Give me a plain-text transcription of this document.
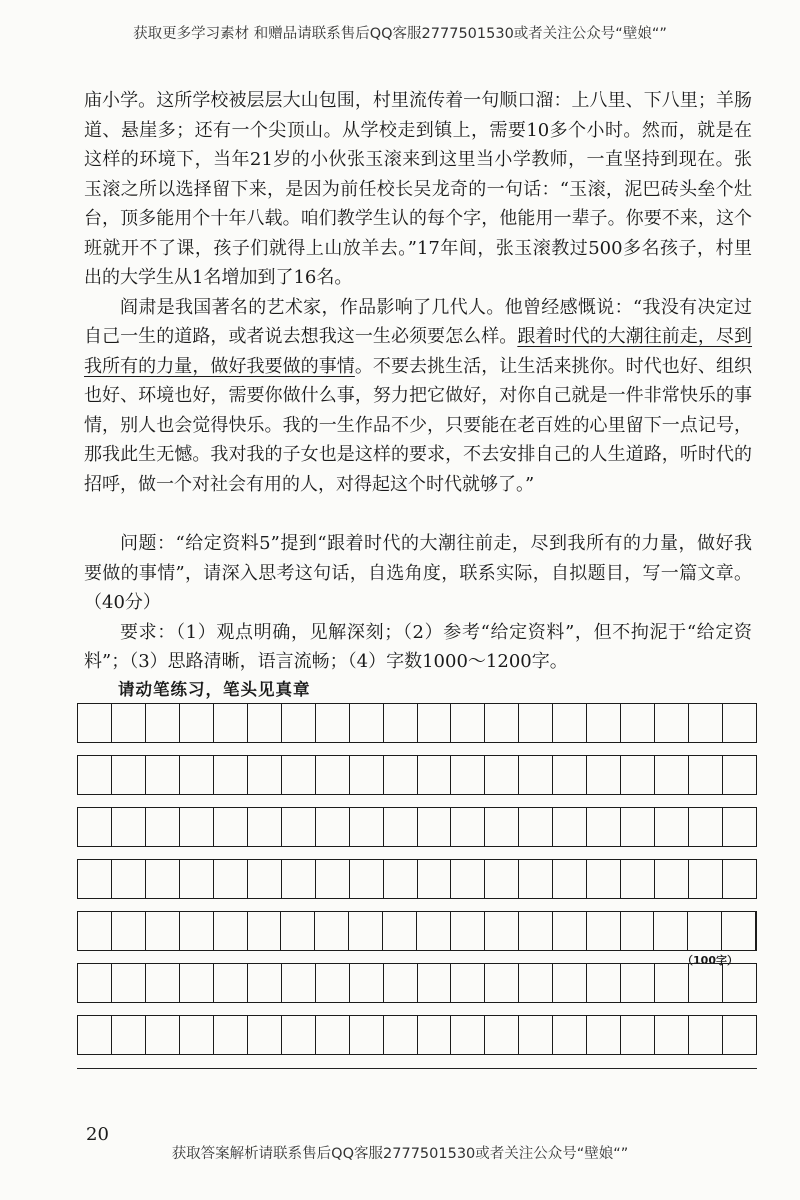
获取更多学习素材 和赠品请联系售后QQ客服2777501530或者关注公众号“壁娘“”

庙小学。这所学校被层层大山包围，村里流传着一句顺口溜：上八里、下八里；羊肠道、悬崖多；还有一个尖顶山。从学校走到镇上，需要10多个小时。然而，就是在这样的环境下，当年21岁的小伙张玉滚来到这里当小学教师，一直坚持到现在。张玉滚之所以选择留下来，是因为前任校长吴龙奇的一句话：“玉滚，泥巴砖头垒个灶台，顶多能用个十年八载。咱们教学生认的每个字，他能用一辈子。你要不来，这个班就开不了课，孩子们就得上山放羊去。”17年间，张玉滚教过500多名孩子，村里出的大学生从1名增加到了16名。

阎肃是我国著名的艺术家，作品影响了几代人。他曾经感慨说：“我没有决定过自己一生的道路，或者说去想我这一生必须要怎么样。跟着时代的大潮往前走，尽到我所有的力量，做好我要做的事情。不要去挑生活，让生活来挑你。时代也好、组织也好、环境也好，需要你做什么事，努力把它做好，对你自己就是一件非常快乐的事情，别人也会觉得快乐。我的一生作品不少，只要能在老百姓的心里留下一点记号，那我此生无憾。我对我的子女也是这样的要求，不去安排自己的人生道路，听时代的招呼，做一个对社会有用的人，对得起这个时代就够了。”

问题：“给定资料5”提到“跟着时代的大潮往前走，尽到我所有的力量，做好我要做的事情”，请深入思考这句话，自选角度，联系实际，自拟题目，写一篇文章。（40分）

要求：（1）观点明确，见解深刻；（2）参考“给定资料”，但不拘泥于“给定资料”；（3）思路清晰，语言流畅；（4）字数1000～1200字。

请动笔练习，笔头见真章
（100字）
20
获取答案解析请联系售后QQ客服2777501530或者关注公众号“壁娘“”
